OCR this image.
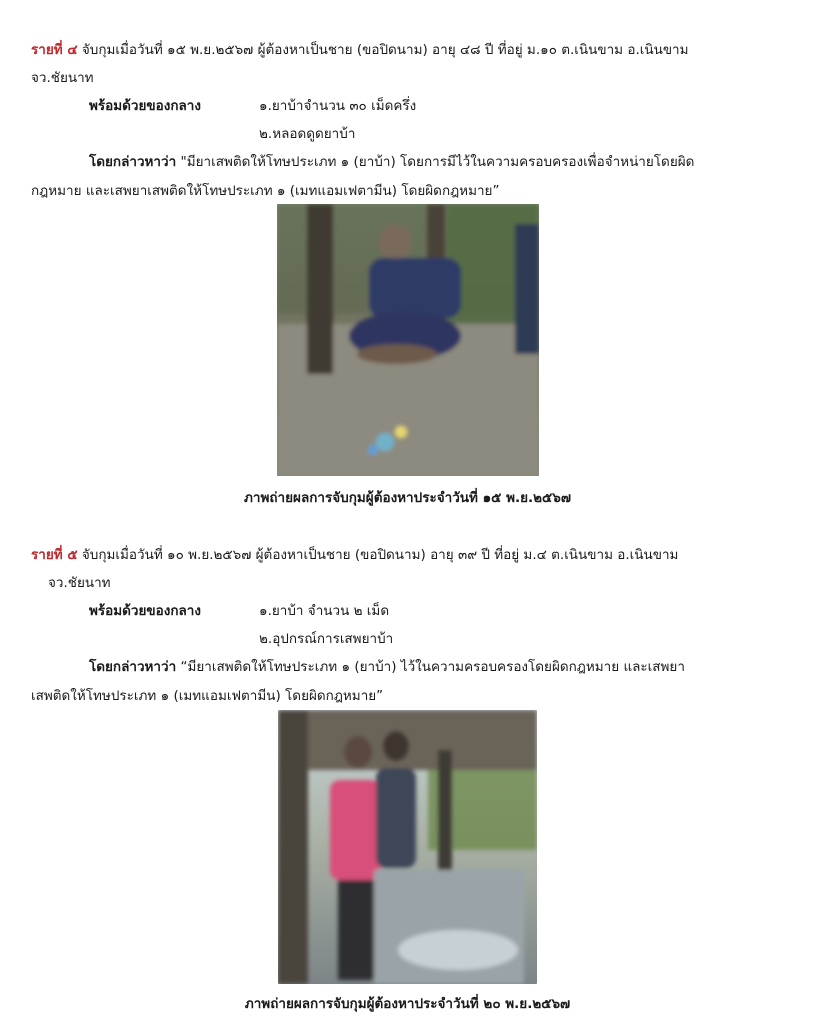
รายที่ ๔ จับกุมเมื่อวันที่ ๑๕ พ.ย.๒๕๖๗ ผู้ต้องหาเป็นชาย (ขอปิดนาม) อายุ ๔๘ ปี ที่อยู่ ม.๑๐ ต.เนินขาม อ.เนินขาม
จว.ชัยนาท
พร้อมด้วยของกลาง	๑.ยาบ้าจำนวน ๓๐ เม็ดครึ่ง
๒.หลอดดูดยาบ้า
โดยกล่าวหาว่า "มียาเสพติดให้โทษประเภท ๑ (ยาบ้า) โดยการมีไว้ในความครอบครองเพื่อจำหน่ายโดยผิด
กฎหมาย และเสพยาเสพติดให้โทษประเภท ๑ (เมทแอมเฟตามีน) โดยผิดกฎหมาย”
ภาพถ่ายผลการจับกุมผู้ต้องหาประจำวันที่ ๑๕ พ.ย.๒๕๖๗
รายที่ ๕ จับกุมเมื่อวันที่ ๑๐ พ.ย.๒๕๖๗ ผู้ต้องหาเป็นชาย (ขอปิดนาม) อายุ ๓๙ ปี ที่อยู่ ม.๔ ต.เนินขาม อ.เนินขาม
จว.ชัยนาท
พร้อมด้วยของกลาง	๑.ยาบ้า จำนวน ๒ เม็ด
๒.อุปกรณ์การเสพยาบ้า
โดยกล่าวหาว่า “มียาเสพติดให้โทษประเภท ๑ (ยาบ้า) ไว้ในความครอบครองโดยผิดกฎหมาย และเสพยา
เสพติดให้โทษประเภท ๑ (เมทแอมเฟตามีน) โดยผิดกฎหมาย”
ภาพถ่ายผลการจับกุมผู้ต้องหาประจำวันที่ ๒๐ พ.ย.๒๕๖๗
